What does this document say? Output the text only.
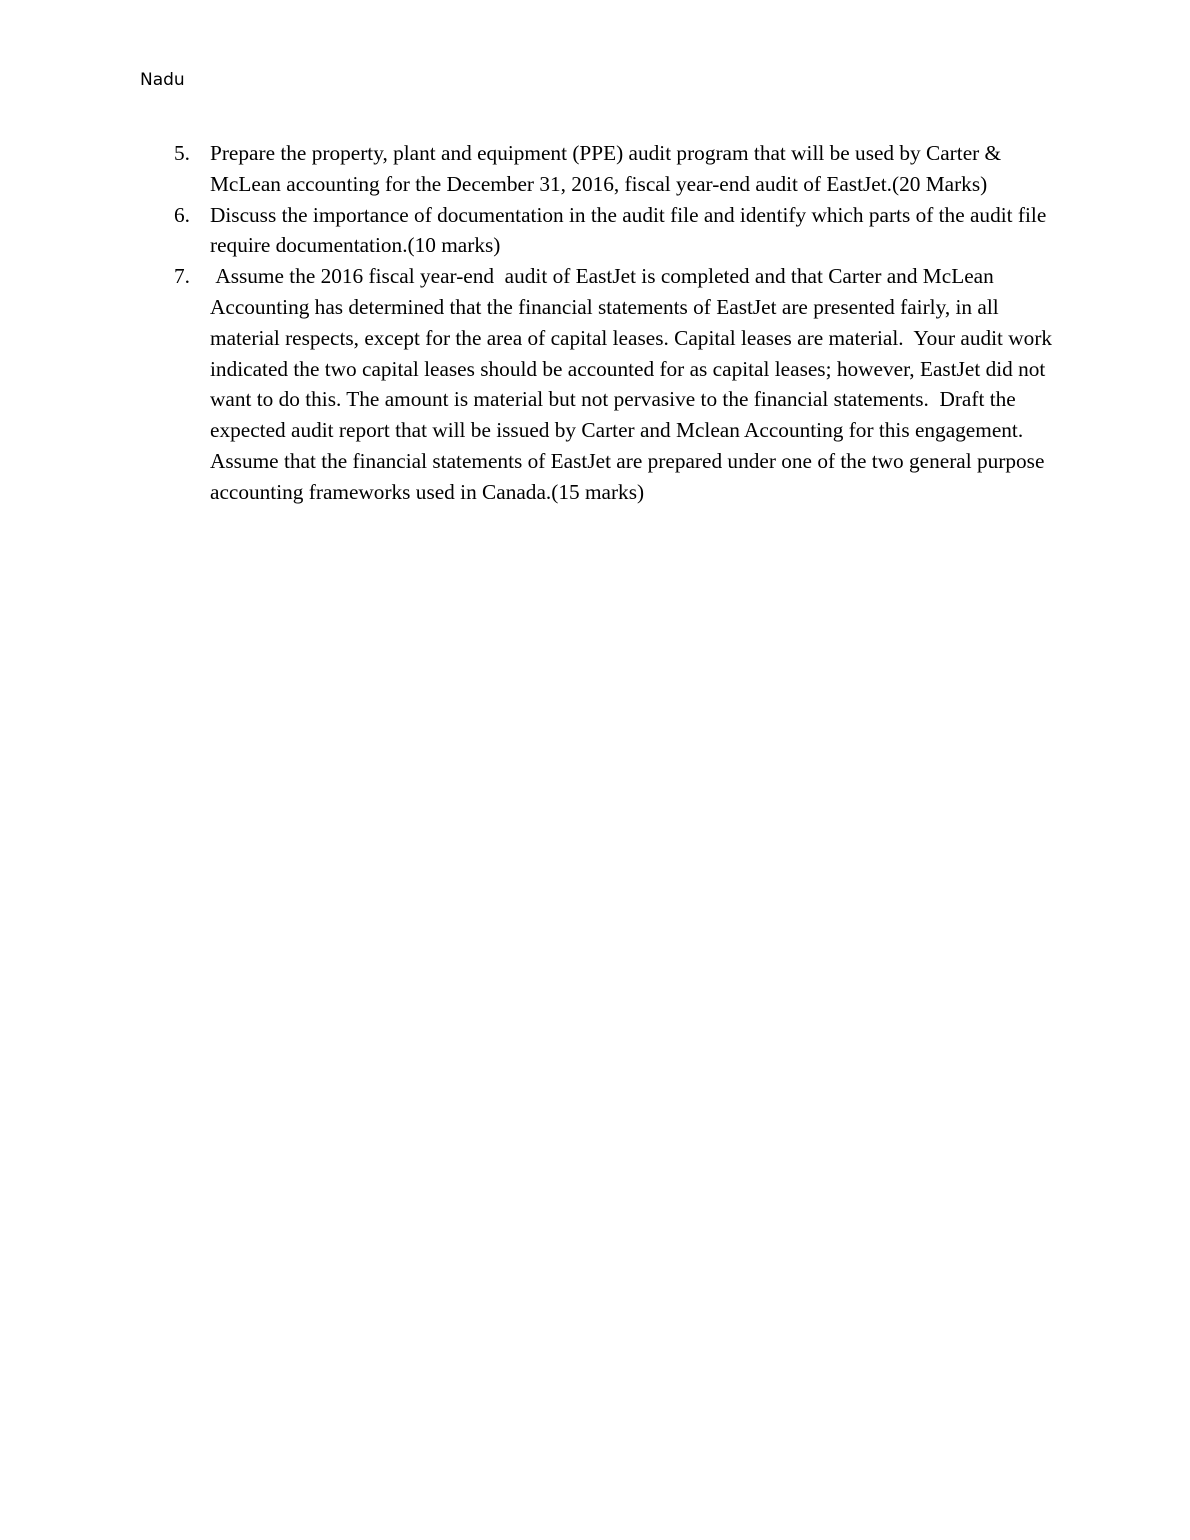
Nadu
5. Prepare the property, plant and equipment (PPE) audit program that will be used by Carter & McLean accounting for the December 31, 2016, fiscal year-end audit of EastJet.(20 Marks)
6. Discuss the importance of documentation in the audit file and identify which parts of the audit file require documentation.(10 marks)
7. Assume the 2016 fiscal year-end  audit of EastJet is completed and that Carter and McLean Accounting has determined that the financial statements of EastJet are presented fairly, in all material respects, except for the area of capital leases. Capital leases are material.  Your audit work indicated the two capital leases should be accounted for as capital leases; however, EastJet did not want to do this. The amount is material but not pervasive to the financial statements.  Draft the expected audit report that will be issued by Carter and Mclean Accounting for this engagement. Assume that the financial statements of EastJet are prepared under one of the two general purpose accounting frameworks used in Canada.(15 marks)
